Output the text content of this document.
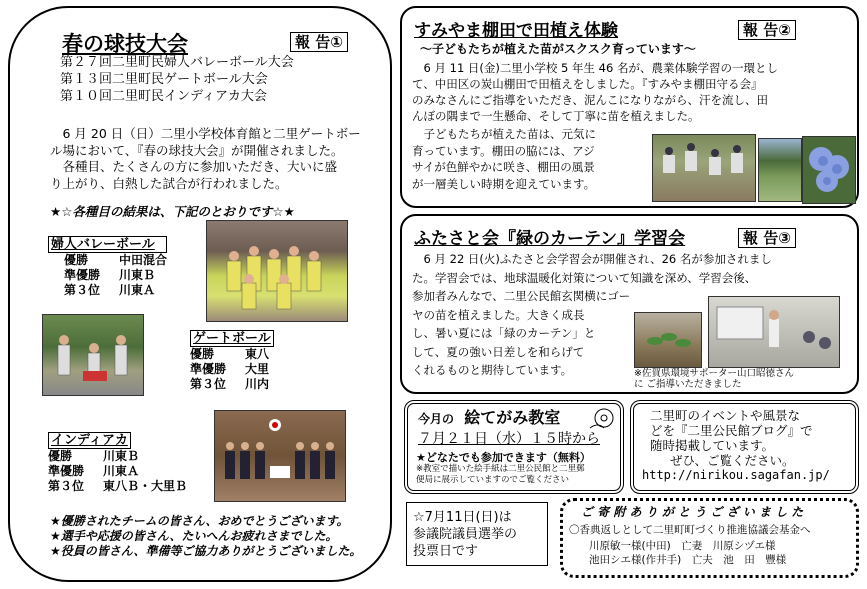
春の球技大会	報 告①
第２７回二里町民婦人バレーボール大会
第１３回二里町民ゲートボール大会
第１０回二里町民インディアカ大会
　6 月 20 日（日）二里小学校体育館と二里ゲートボー
ル場において、『春の球技大会』が開催されました。
　各種目、たくさんの方に参加いただき、大いに盛
り上がり、白熱した試合が行われました。
★☆各種目の結果は、下記のとおりです☆★
婦人バレーボール
優勝	中田混合
準優勝 川東Ｂ
第３位 川東Ａ
ゲートボール
優勝	東八
準優勝 大里
第３位 川内
インディアカ
優勝	川東Ｂ
準優勝 川東Ａ
第３位 東八Ｂ・大里Ｂ
★優勝されたチームの皆さん、おめでとうございます。
★選手や応援の皆さん、たいへんお疲れさまでした。
★役員の皆さん、準備等ご協力ありがとうございました。
すみやま棚田で田植え体験	報 告②
～子どもたちが植えた苗がスクスク育っています～
　6 月 11 日(金)二里小学校 5 年生 46 名が、農業体験学習の一環とし
て、中田区の炭山棚田で田植えをしました。『すみやま棚田守る会』
のみなさんにご指導をいただき、泥んこになりながら、汗を流し、田
んぼの隅まで一生懸命、そして丁寧に苗を植えました。
　子どもたちが植えた苗は、元気に
育っています。棚田の脇には、アジ
サイが色鮮やかに咲き、棚田の風景
が一層美しい時期を迎えています。
ふたさと会『緑のカーテン』学習会	報 告③
　6 月 22 日(火)ふたさと会学習会が開催され、26 名が参加されまし
た。学習会では、地球温暖化対策について知識を深め、学習会後、
参加者みんなで、二里公民館玄関横にゴー
ヤの苗を植えました。大きく成長
し、暑い夏には「緑のカーテン」と
して、夏の強い日差しを和らげて
くれるものと期待しています。	※佐賀県環境サポーター山口昭徳さん
に ご指導いただきました
今月の 絵てがみ教室
７月２１日（水）１５時から
★どなたでも参加できます（無料）
※教室で描いた絵手紙は二里公民館と二里郵
便局に展示していますのでご覧ください
二里町のイベントや風景な
どを『二里公民館ブログ』で
随時掲載しています。
ぜひ、ご覧ください。
http://nirikou.sagafan.jp/
☆7月11日(日)は
参議院議員選挙の
投票日です
ご 寄 附 あ り が と う ご ざ い ま し た
〇香典返しとして二里町町づくり推進協議会基金へ
川原敏一様(中田)　亡妻　川原シヅエ様
池田シエ様(作井手)　亡夫　池　田　豐様
